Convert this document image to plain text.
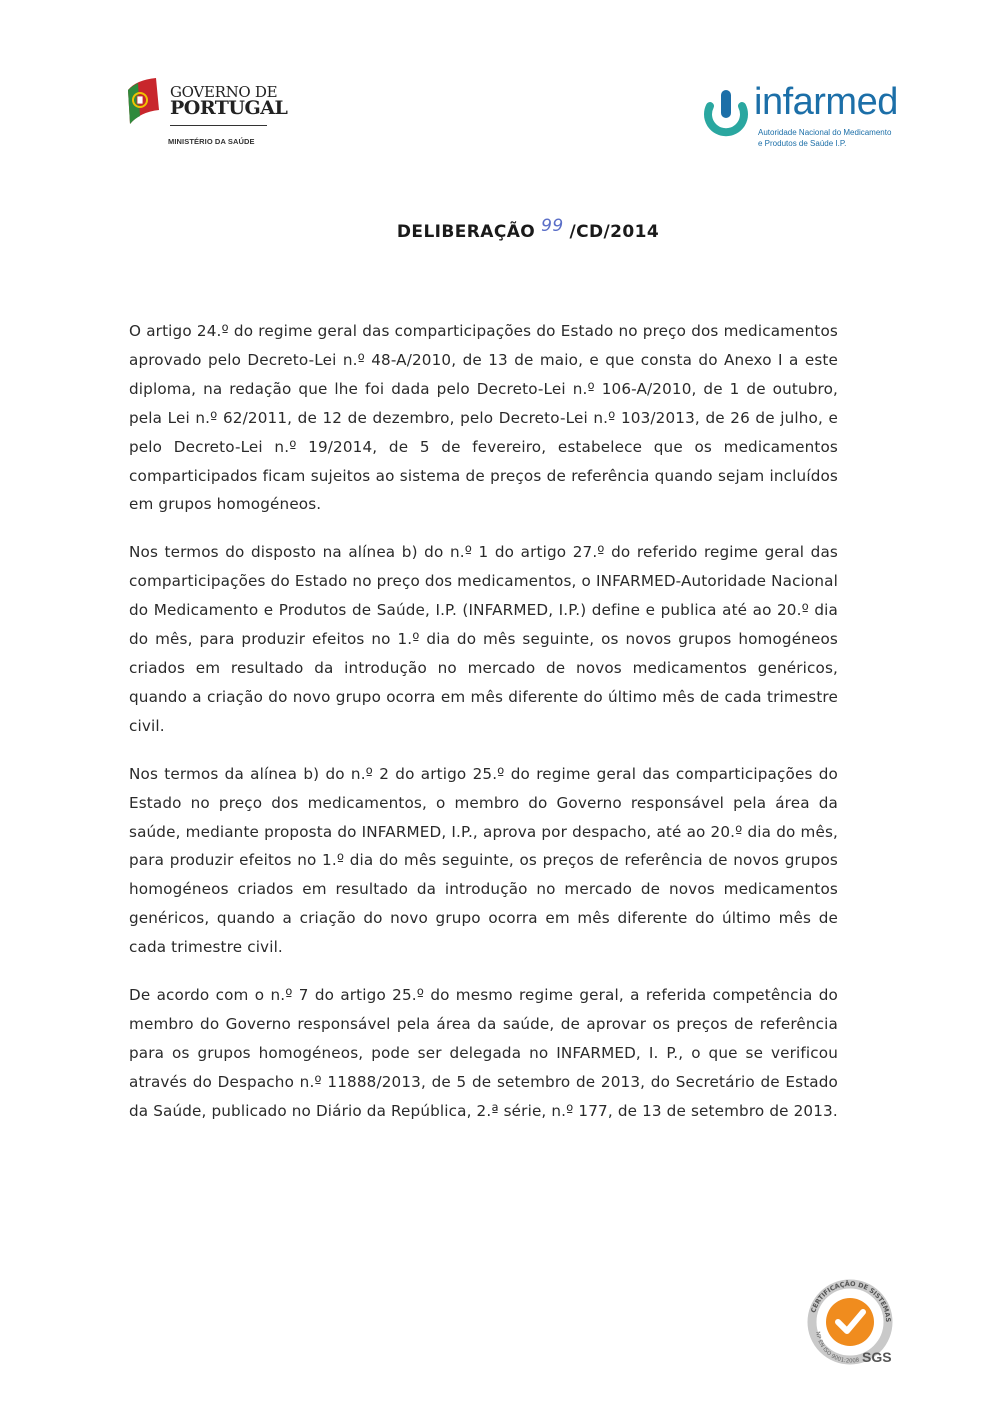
GOVERNO DE
PORTUGAL
MINISTÉRIO DA SAÚDE
infarmed
Autoridade Nacional do Medicamento
e Produtos de Saúde I.P.
DELIBERAÇÃO 99 /CD/2014

O artigo 24.º do regime geral das comparticipações do Estado no preço dos medicamentos aprovado pelo Decreto-Lei n.º 48-A/2010, de 13 de maio, e que consta do Anexo I a este diploma, na redação que lhe foi dada pelo Decreto-Lei n.º 106-A/2010, de 1 de outubro, pela Lei n.º 62/2011, de 12 de dezembro, pelo Decreto-Lei n.º 103/2013, de 26 de julho, e pelo Decreto-Lei n.º 19/2014, de 5 de fevereiro, estabelece que os medicamentos comparticipados ficam sujeitos ao sistema de preços de referência quando sejam incluídos em grupos homogéneos.

Nos termos do disposto na alínea b) do n.º 1 do artigo 27.º do referido regime geral das comparticipações do Estado no preço dos medicamentos, o INFARMED-Autoridade Nacional do Medicamento e Produtos de Saúde, I.P. (INFARMED, I.P.) define e publica até ao 20.º dia do mês, para produzir efeitos no 1.º dia do mês seguinte, os novos grupos homogéneos criados em resultado da introdução no mercado de novos medicamentos genéricos, quando a criação do novo grupo ocorra em mês diferente do último mês de cada trimestre civil.

Nos termos da alínea b) do n.º 2 do artigo 25.º do regime geral das comparticipações do Estado no preço dos medicamentos, o membro do Governo responsável pela área da saúde, mediante proposta do INFARMED, I.P., aprova por despacho, até ao 20.º dia do mês, para produzir efeitos no 1.º dia do mês seguinte, os preços de referência de novos grupos homogéneos criados em resultado da introdução no mercado de novos medicamentos genéricos, quando a criação do novo grupo ocorra em mês diferente do último mês de cada trimestre civil.

De acordo com o n.º 7 do artigo 25.º do mesmo regime geral, a referida competência do membro do Governo responsável pela área da saúde, de aprovar os preços de referência para os grupos homogéneos, pode ser delegada no INFARMED, I. P., o que se verificou através do Despacho n.º 11888/2013, de 5 de setembro de 2013, do Secretário de Estado da Saúde, publicado no Diário da República, 2.ª série, n.º 177, de 13 de setembro de 2013.

CERTIFICAÇÃO DE SISTEMAS
NP EN ISO 9001:2008 SGS
